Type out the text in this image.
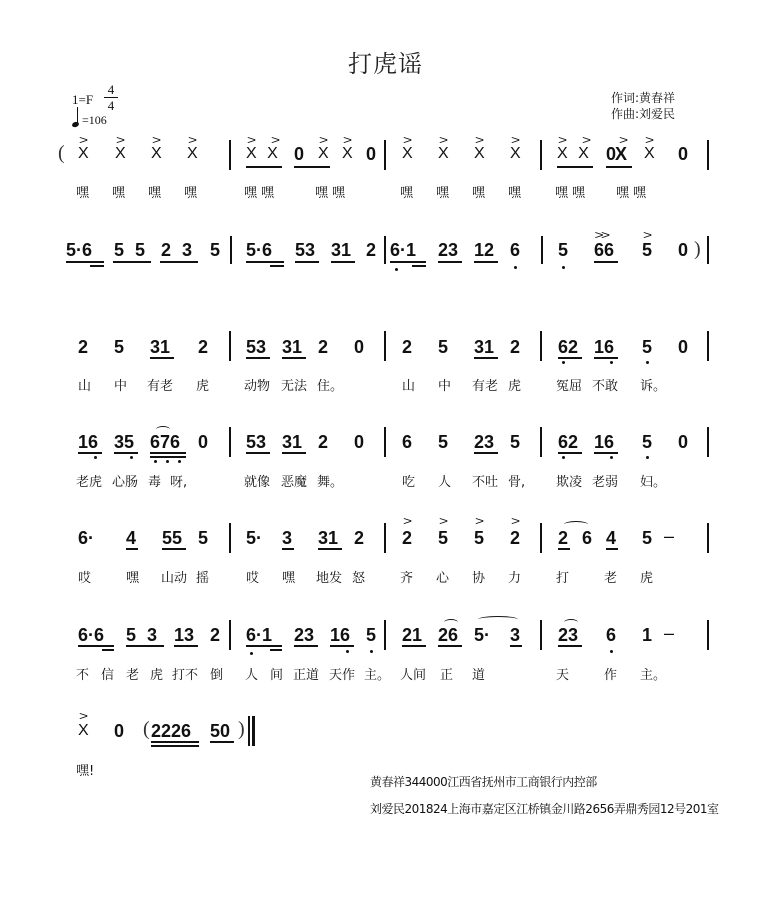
打虎谣
1=F
4
4
=106
作词:黄春祥
作曲:刘爱民
(
>
X
>
X
>
X
>
X
> >
X X 0
>
X
>
X 0
>
X
>
X
>
X
>
X
> >
X X
>
0X
>
X 0
嘿 嘿 嘿 嘿	嘿嘿	嘿嘿	嘿 嘿 嘿 嘿	嘿嘿 嘿嘿
5·6 5 5 2 3 5 5·6 53 31 2 6·1 23 12 6 5
>>
66
>
5 0 )
2 5 31 2 53 31 2 0 2 5 31 2 62 16 5 0
山 中 有老 虎	动物 无法 住。	山 中 有老 虎	冤屈 不敢 诉。
16 35 676 0 53 31 2 0 6 5 23 5 62 16 5 0
老虎 心肠 毒 呀,	就像 恶魔 舞。	吃 人 不吐 骨, 欺凌 老弱 妇。
6· 4 55 5 5· 3 31 2
>
2
>
5
>
5
>
2 2 6 4 5 –
哎	嘿 山动 摇	哎 嘿 地发 怒	齐 心 协 力	打	老 虎
6·6 5 3 13 2 6·1 23 16 5 21 26 5· 3 23 6 1 –
不 信 老 虎 打不 倒 人 间 正道 天作 主。 人间 正 道	天	作 主。
>
X 0 ( 2226 50 )
嘿!
黄春祥344000江西省抚州市工商银行内控部
刘爱民201824上海市嘉定区江桥镇金川路2656弄鼎秀园12号201室
